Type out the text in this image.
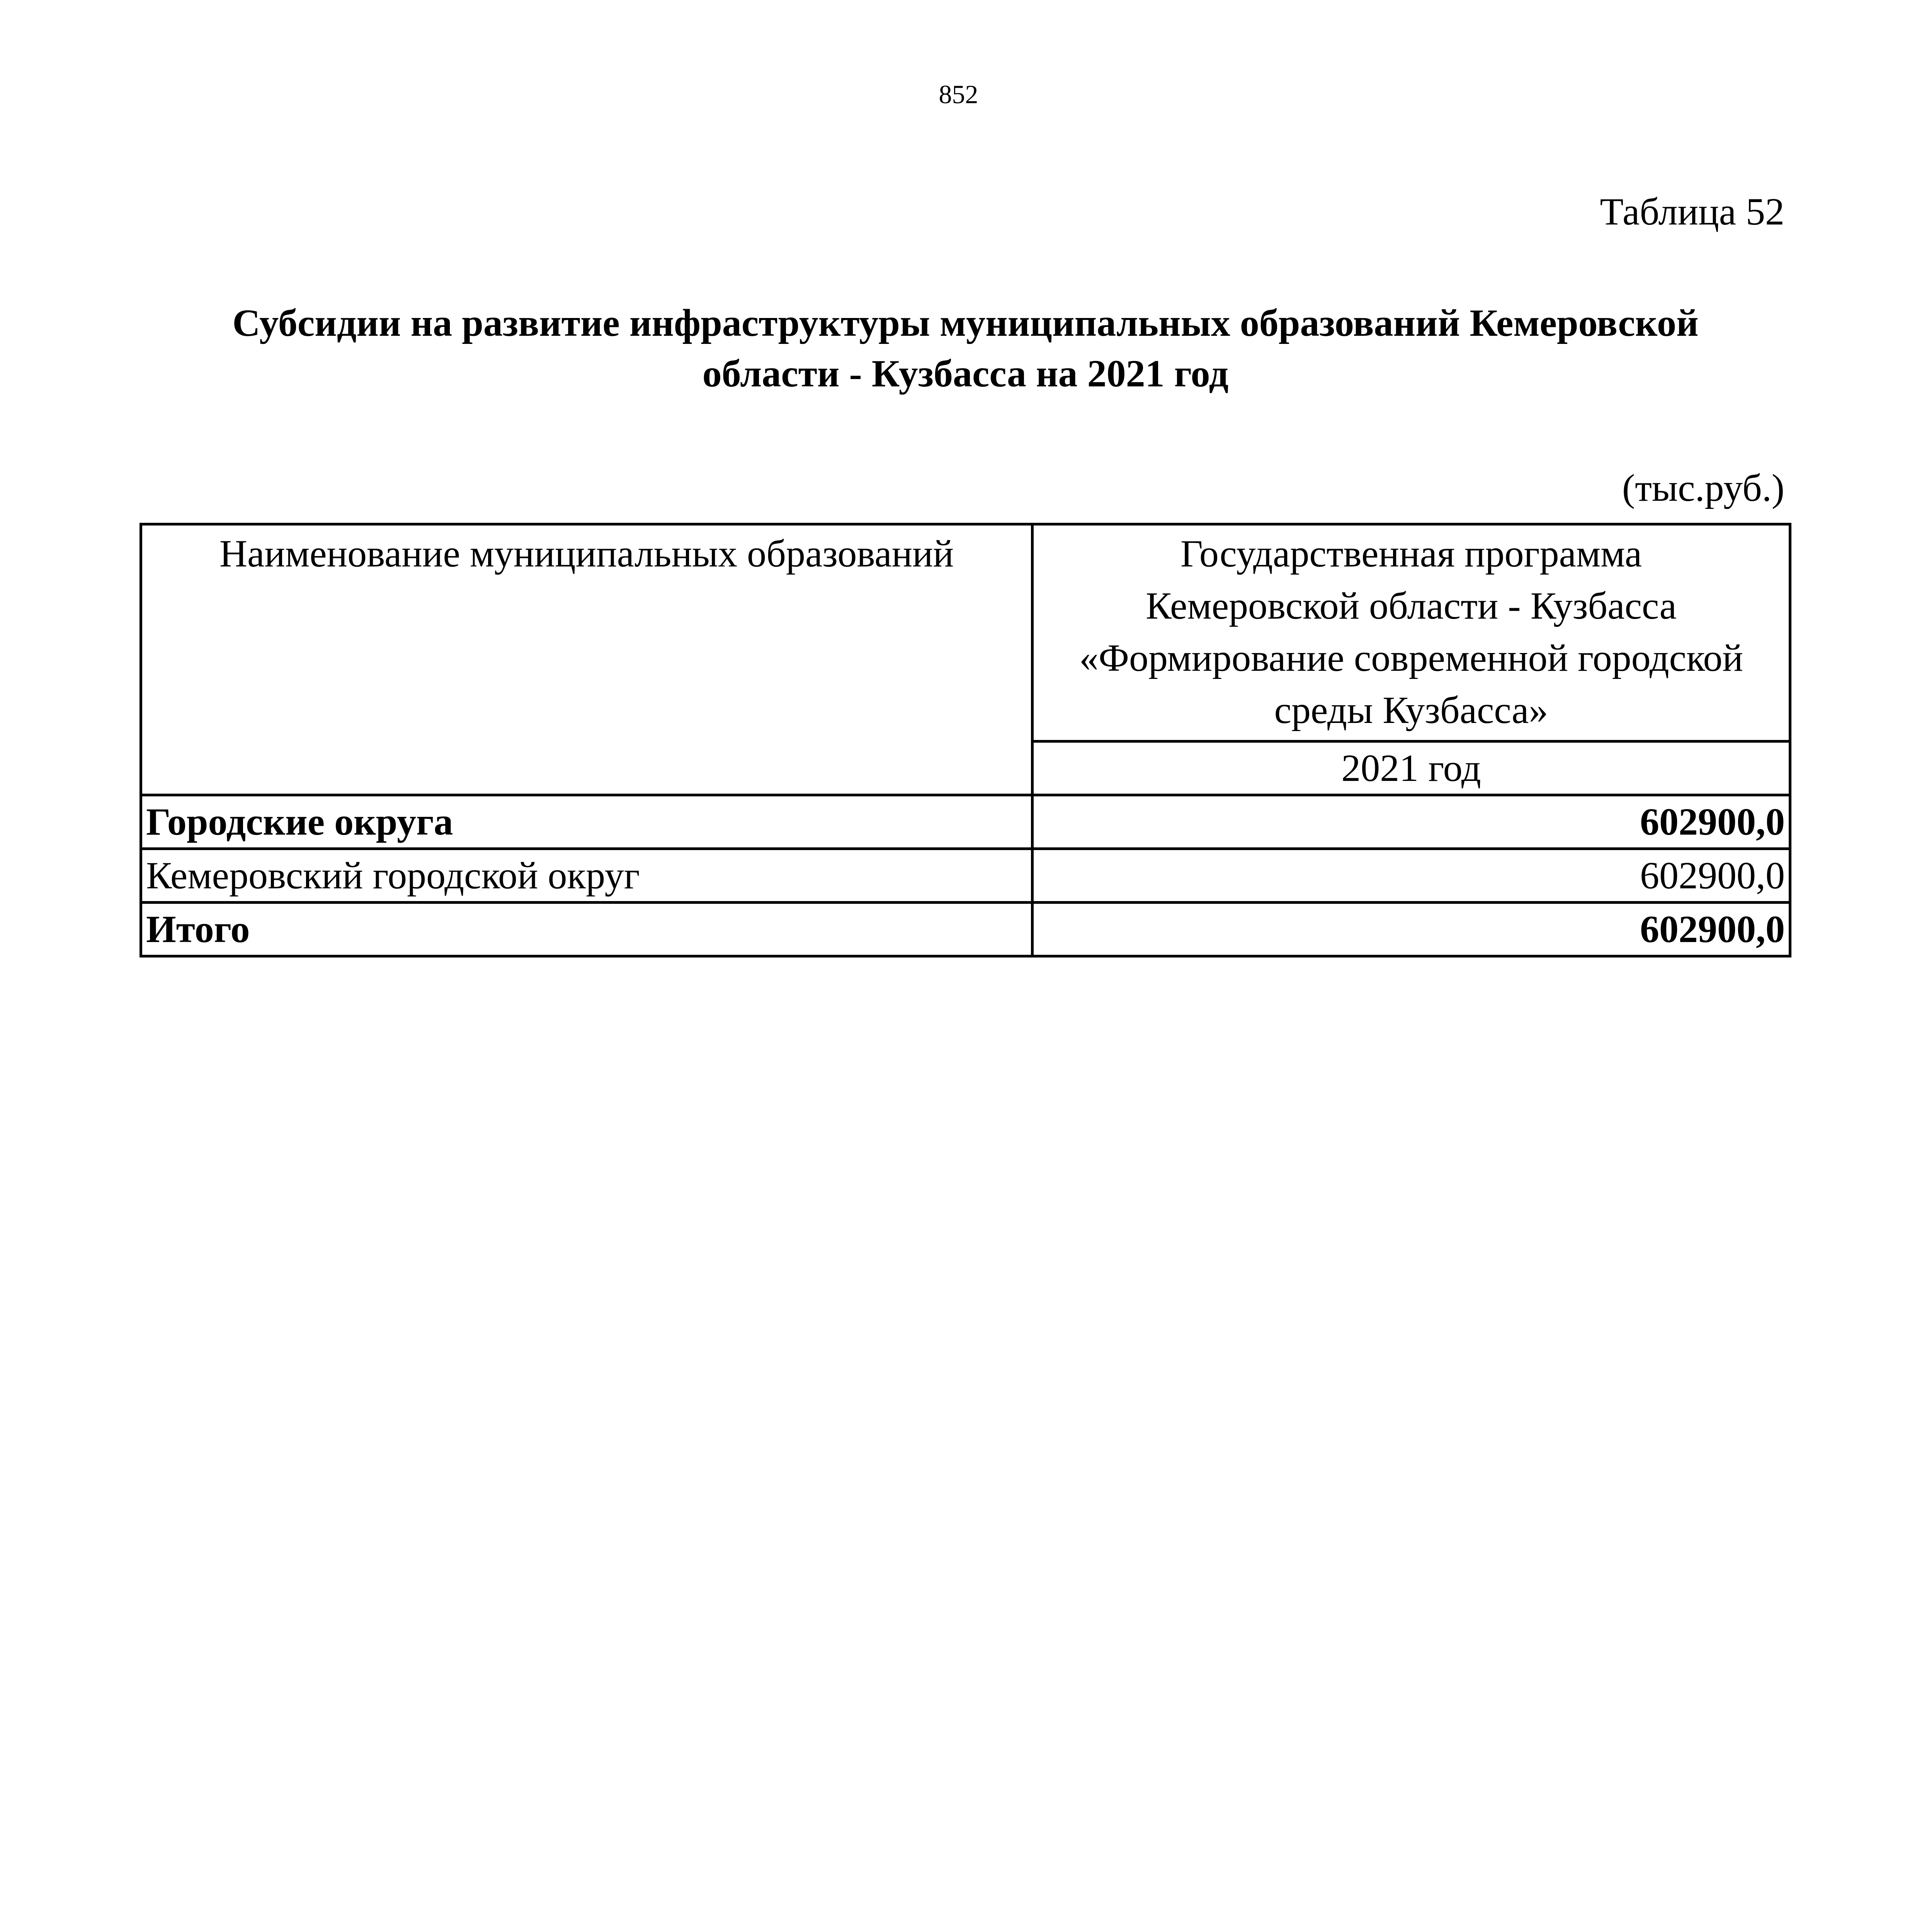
852
Таблица 52
Субсидии на развитие инфраструктуры муниципальных образований Кемеровской
области - Кузбасса на 2021 год
(тыс.руб.)
Наименование муниципальных образований	Государственная программа
Кемеровской области - Кузбасса
«Формирование современной городской
среды Кузбасса»

	2021 год
Городские округа	602900,0
Кемеровский городской округ	602900,0
Итого	602900,0
